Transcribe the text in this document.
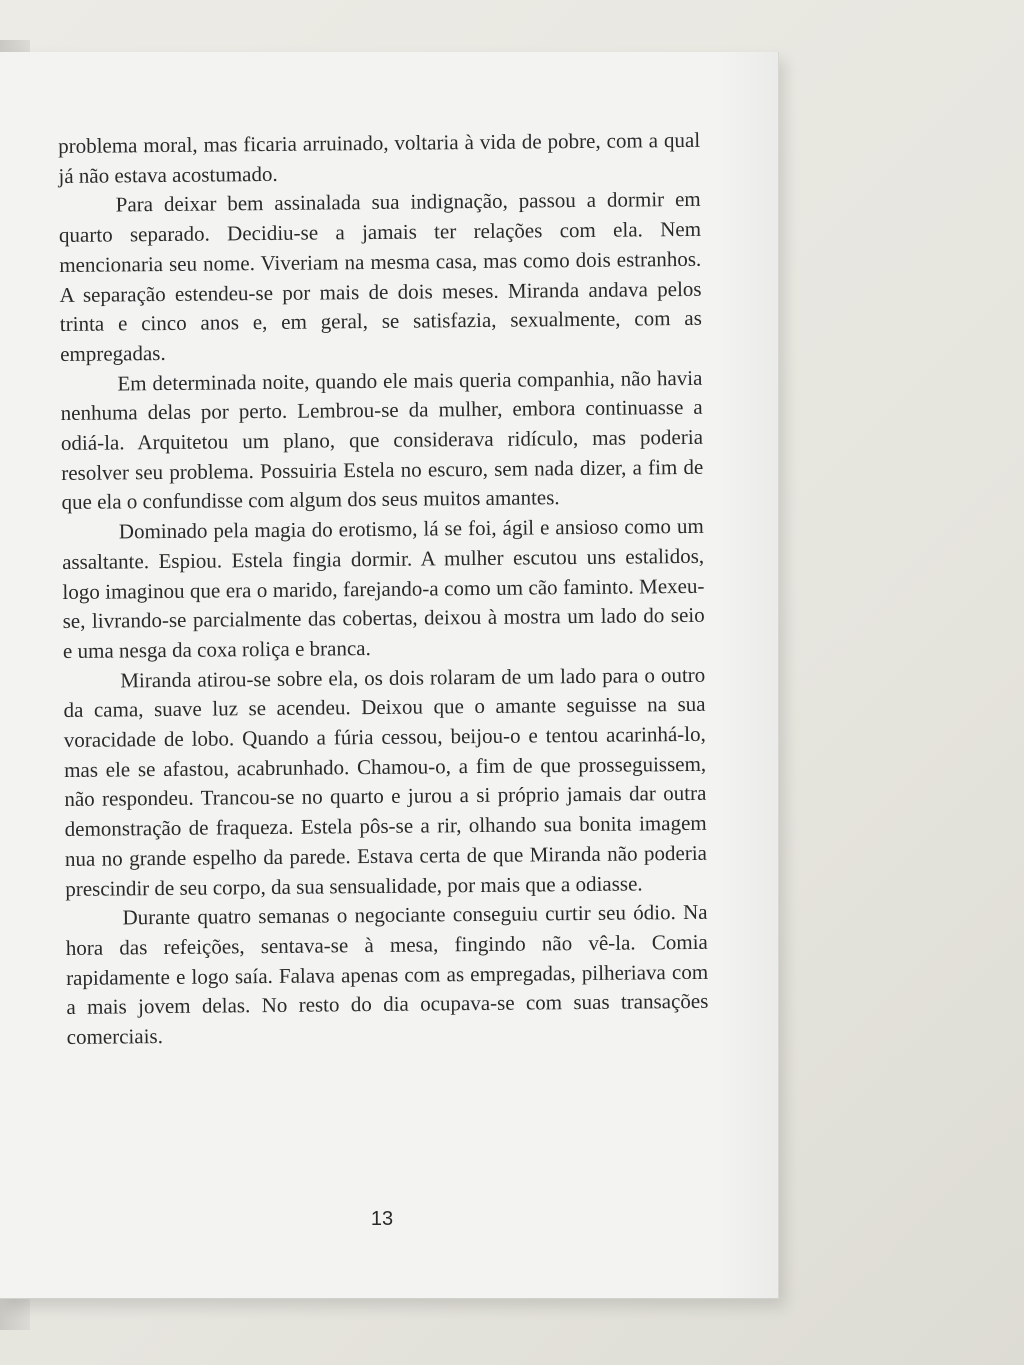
problema moral, mas ficaria arruinado, voltaria à vida de pobre, com a qual já não estava acostumado.

Para deixar bem assinalada sua indignação, passou a dormir em quarto separado. Decidiu-se a jamais ter relações com ela. Nem mencionaria seu nome. Viveriam na mesma casa, mas como dois estranhos. A separação estendeu-se por mais de dois meses. Miranda andava pelos trinta e cinco anos e, em geral, se satisfazia, sexualmente, com as empregadas.

Em determinada noite, quando ele mais queria companhia, não havia nenhuma delas por perto. Lembrou-se da mulher, embora continuasse a odiá-la. Arquitetou um plano, que considerava ridículo, mas poderia resolver seu problema. Possuiria Estela no escuro, sem nada dizer, a fim de que ela o confundisse com algum dos seus muitos amantes.

Dominado pela magia do erotismo, lá se foi, ágil e ansioso como um assaltante. Espiou. Estela fingia dormir. A mulher escutou uns estalidos, logo imaginou que era o marido, farejando-a como um cão faminto. Mexeu-se, livrando-se parcialmente das cobertas, deixou à mostra um lado do seio e uma nesga da coxa roliça e branca.

Miranda atirou-se sobre ela, os dois rolaram de um lado para o outro da cama, suave luz se acendeu. Deixou que o amante seguisse na sua voracidade de lobo. Quando a fúria cessou, beijou-o e tentou acarinhá-lo, mas ele se afastou, acabrunhado. Chamou-o, a fim de que prosseguissem, não respondeu. Trancou-se no quarto e jurou a si próprio jamais dar outra demonstração de fraqueza. Estela pôs-se a rir, olhando sua bonita imagem nua no grande espelho da parede. Estava certa de que Miranda não poderia prescindir de seu corpo, da sua sensualidade, por mais que a odiasse.

Durante quatro semanas o negociante conseguiu curtir seu ódio. Na hora das refeições, sentava-se à mesa, fingindo não vê-la. Comia rapidamente e logo saía. Falava apenas com as empregadas, pilheriava com a mais jovem delas. No resto do dia ocupava-se com suas transações comerciais.

13
